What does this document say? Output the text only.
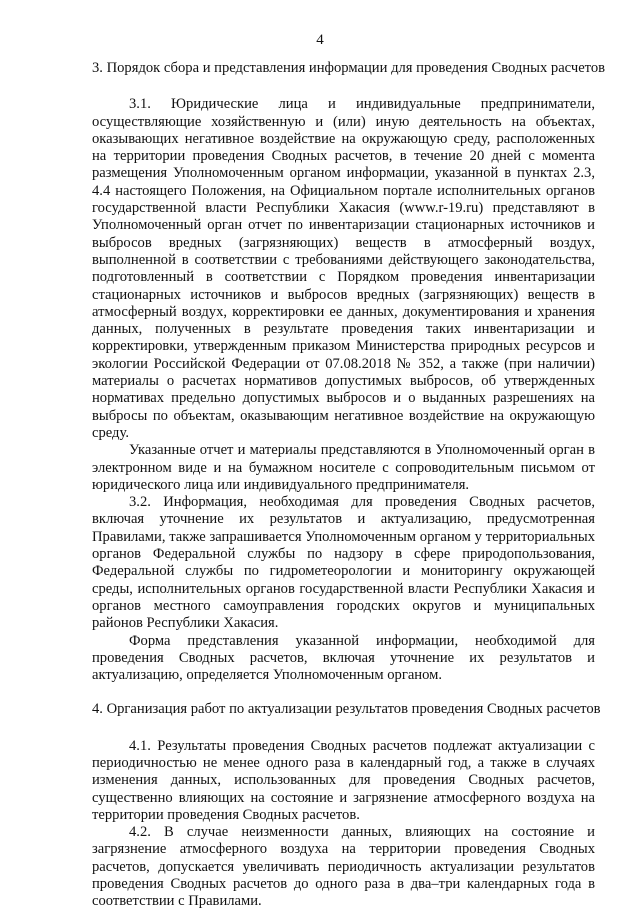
4
3. Порядок сбора и представления информации для проведения Сводных расчетов

3.1. Юридические лица и индивидуальные предприниматели, осуществляющие хозяйственную и (или) иную деятельность на объектах, оказывающих негативное воздействие на окружающую среду, расположенных на территории проведения Сводных расчетов, в течение 20 дней с момента размещения Уполномоченным органом информации, указанной в пунктах 2.3, 4.4 настоящего Положения, на Официальном портале исполнительных органов государственной власти Республики Хакасия (www.r-19.ru) представляют в Уполномоченный орган отчет по инвентаризации стационарных источников и выбросов вредных (загрязняющих) веществ в атмосферный воздух, выполненной в соответствии с требованиями действующего законодательства, подготовленный в соответствии с Порядком проведения инвентаризации стационарных источников и выбросов вредных (загрязняющих) веществ в атмосферный воздух, корректировки ее данных, документирования и хранения данных, полученных в результате проведения таких инвентаризации и корректировки, утвержденным приказом Министерства природных ресурсов и экологии Российской Федерации от 07.08.2018 № 352, а также (при наличии) материалы о расчетах нормативов допустимых выбросов, об утвержденных нормативах предельно допустимых выбросов и о выданных разрешениях на выбросы по объектам, оказывающим негативное воздействие на окружающую среду.

Указанные отчет и материалы представляются в Уполномоченный орган в электронном виде и на бумажном носителе с сопроводительным письмом от юридического лица или индивидуального предпринимателя.

3.2. Информация, необходимая для проведения Сводных расчетов, включая уточнение их результатов и актуализацию, предусмотренная Правилами, также запрашивается Уполномоченным органом у территориальных органов Федеральной службы по надзору в сфере природопользования, Федеральной службы по гидрометеорологии и мониторингу окружающей среды, исполнительных органов государственной власти Республики Хакасия и органов местного самоуправления городских округов и муниципальных районов Республики Хакасия.

Форма представления указанной информации, необходимой для проведения Сводных расчетов, включая уточнение их результатов и актуализацию, определяется Уполномоченным органом.

4. Организация работ по актуализации результатов проведения Сводных расчетов

4.1. Результаты проведения Сводных расчетов подлежат актуализации с периодичностью не менее одного раза в календарный год, а также в случаях изменения данных, использованных для проведения Сводных расчетов, существенно влияющих на состояние и загрязнение атмосферного воздуха на территории проведения Сводных расчетов.

4.2. В случае неизменности данных, влияющих на состояние и загрязнение атмосферного воздуха на территории проведения Сводных расчетов, допускается увеличивать периодичность актуализации результатов проведения Сводных расчетов до одного раза в два–три календарных года в соответствии с Правилами.
